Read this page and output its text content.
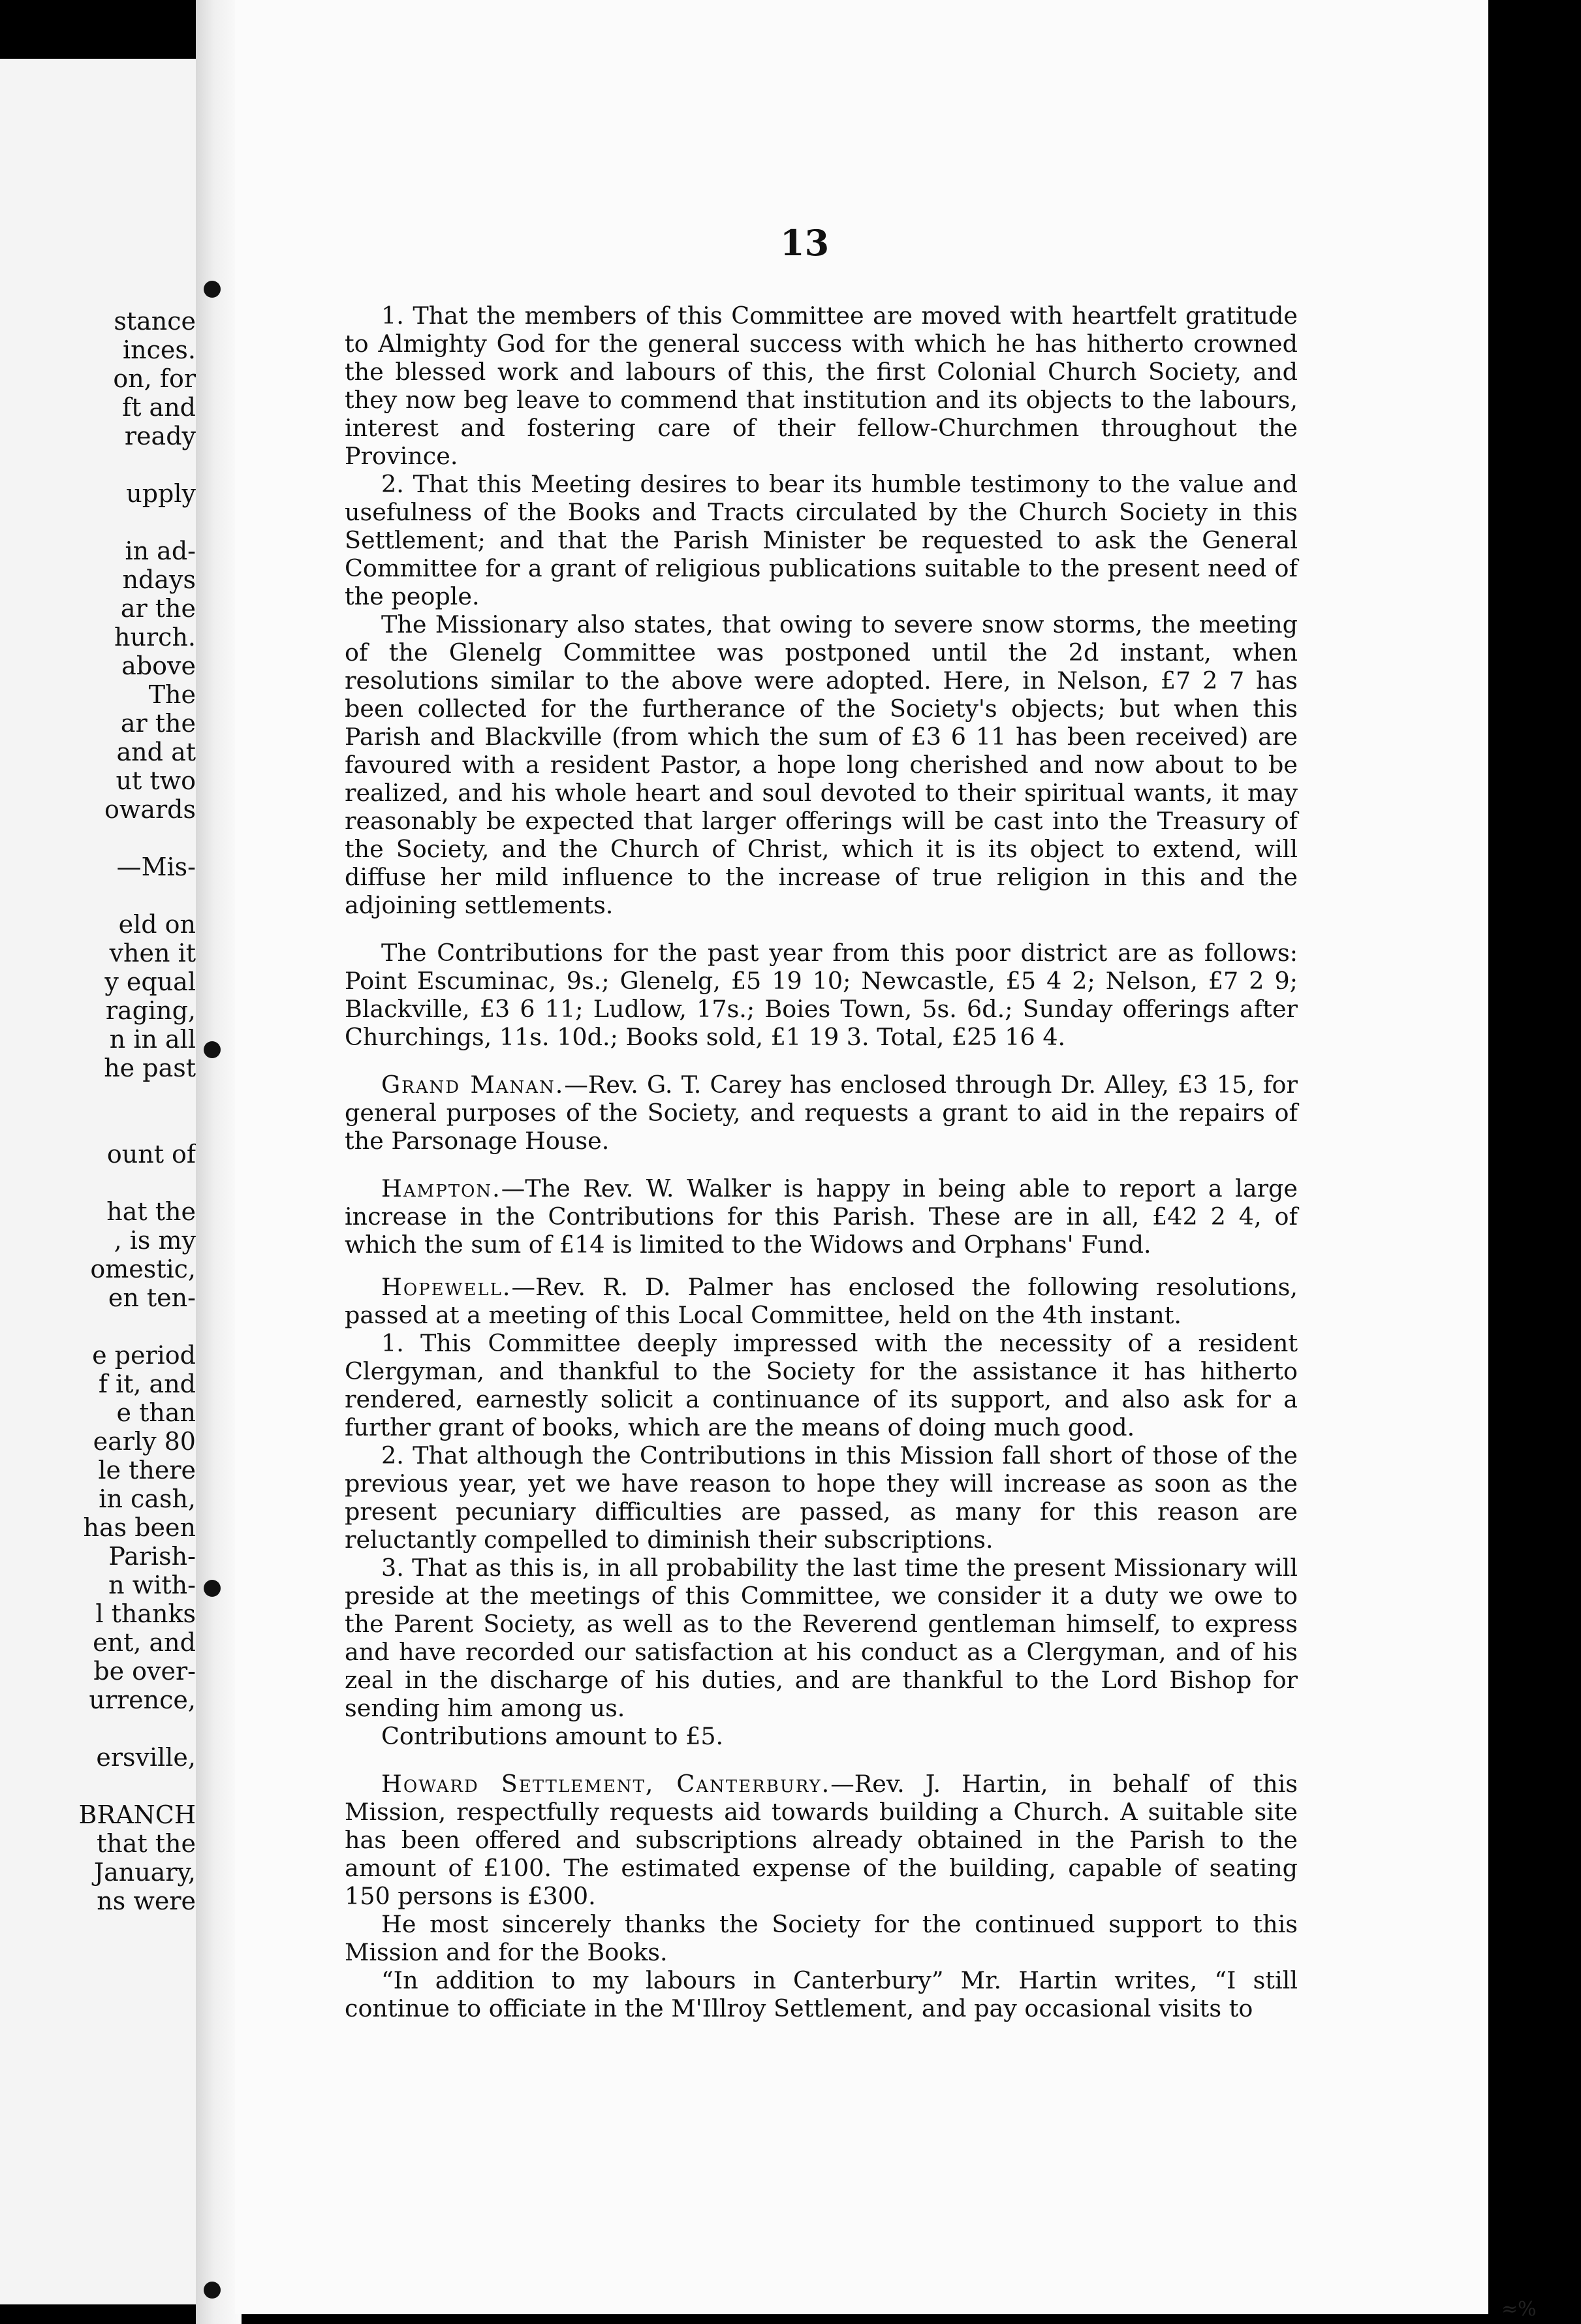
stance
inces.
on, for
ft and
ready
upply
in ad-
ndays
ar the
hurch.
above
The
ar the
and at
ut two
owards
—Mis-
eld on
vhen it
y equal
raging,
n in all
he past
ount of
hat the
, is my
omestic,
en ten-
e period
f it, and
e than
early 80
le there
in cash,
has been
Parish-
n with-
l thanks
ent, and
be over-
urrence,
ersville,
BRANCH
that the
January,
ns were
13

1. That the members of this Committee are moved with heartfelt gratitude to Almighty God for the general success with which he has hitherto crowned the blessed work and labours of this, the first Colonial Church Society, and they now beg leave to commend that institution and its objects to the labours, interest and fostering care of their fellow-Churchmen throughout the Province.

2. That this Meeting desires to bear its humble testimony to the value and usefulness of the Books and Tracts circulated by the Church Society in this Settlement; and that the Parish Minister be requested to ask the General Committee for a grant of religious publications suitable to the present need of the people.

The Missionary also states, that owing to severe snow storms, the meeting of the Glenelg Committee was postponed until the 2d instant, when resolutions similar to the above were adopted. Here, in Nelson, £7 2 7 has been collected for the furtherance of the Society's objects; but when this Parish and Blackville (from which the sum of £3 6 11 has been received) are favoured with a resident Pastor, a hope long cherished and now about to be realized, and his whole heart and soul devoted to their spiritual wants, it may reasonably be expected that larger offerings will be cast into the Treasury of the Society, and the Church of Christ, which it is its object to extend, will diffuse her mild influence to the increase of true religion in this and the adjoining settlements.

The Contributions for the past year from this poor district are as follows: Point Escuminac, 9s.; Glenelg, £5 19 10; Newcastle, £5 4 2; Nelson, £7 2 9; Blackville, £3 6 11; Ludlow, 17s.; Boies Town, 5s. 6d.; Sunday offerings after Churchings, 11s. 10d.; Books sold, £1 19 3. Total, £25 16 4.

Grand Manan.—Rev. G. T. Carey has enclosed through Dr. Alley, £3 15, for general purposes of the Society, and requests a grant to aid in the repairs of the Parsonage House.

Hampton.—The Rev. W. Walker is happy in being able to report a large increase in the Contributions for this Parish. These are in all, £42 2 4, of which the sum of £14 is limited to the Widows and Orphans' Fund.

Hopewell.—Rev. R. D. Palmer has enclosed the following resolutions, passed at a meeting of this Local Committee, held on the 4th instant.

1. This Committee deeply impressed with the necessity of a resident Clergyman, and thankful to the Society for the assistance it has hitherto rendered, earnestly solicit a continuance of its support, and also ask for a further grant of books, which are the means of doing much good.

2. That although the Contributions in this Mission fall short of those of the previous year, yet we have reason to hope they will increase as soon as the present pecuniary difficulties are passed, as many for this reason are reluctantly compelled to diminish their subscriptions.

3. That as this is, in all probability the last time the present Missionary will preside at the meetings of this Committee, we consider it a duty we owe to the Parent Society, as well as to the Reverend gentleman himself, to express and have recorded our satisfaction at his conduct as a Clergyman, and of his zeal in the discharge of his duties, and are thankful to the Lord Bishop for sending him among us.

Contributions amount to £5.

Howard Settlement, Canterbury.—Rev. J. Hartin, in behalf of this Mission, respectfully requests aid towards building a Church. A suitable site has been offered and subscriptions already obtained in the Parish to the amount of £100. The estimated expense of the building, capable of seating 150 persons is £300.

He most sincerely thanks the Society for the continued support to this Mission and for the Books.

“In addition to my labours in Canterbury” Mr. Hartin writes, “I still continue to officiate in the M'Illroy Settlement, and pay occasional visits to

≈%
